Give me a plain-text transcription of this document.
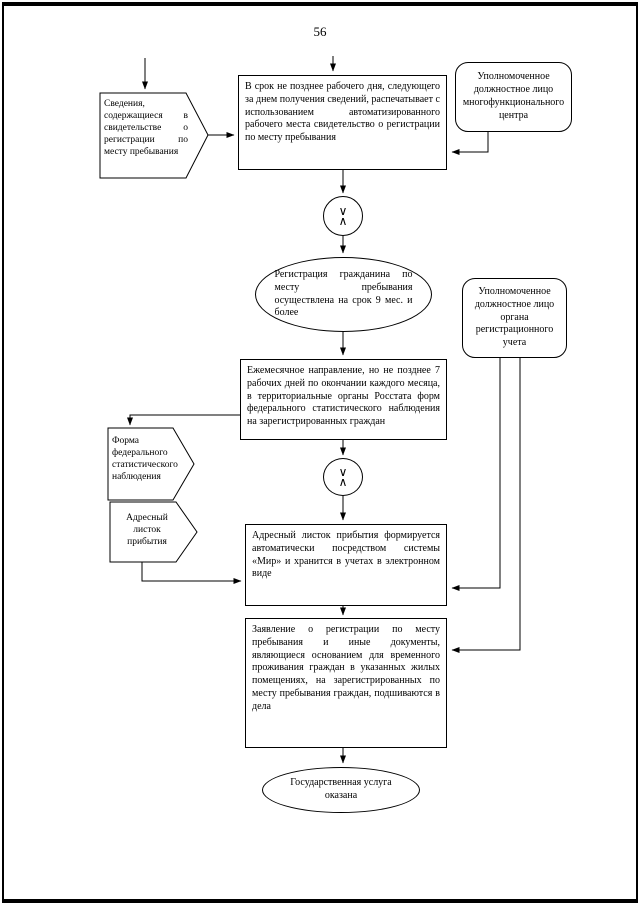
56
Сведения, содержащиеся в свидетельстве о регистрации по месту пребывания
Форма федерального статистического наблюдения
Адресный листок прибытия
В срок не позднее рабочего дня, следующего за днем получения сведений, распечатывает с использованием автоматизированного рабочего места свидетельство о регистрации по месту пребывания
Ежемесячное направление, но не позднее 7 рабочих дней по окончании каждого месяца, в территориальные органы Росстата форм федерального статистического наблюдения на зарегистрированных граждан
Адресный листок прибытия формируется автоматически посредством системы «Мир» и хранится в учетах в электронном виде
Заявление о регистрации по месту пребывания и иные документы, являющиеся основанием для временного проживания граждан в указанных жилых помещениях, на зарегистрированных по месту пребывания граждан, подшиваются в дела
Уполномоченное должностное лицо многофункционального центра
Уполномоченное должностное лицо органа регистрационного учета
∨
∧
∨
∧
Регистрация гражданина по месту пребывания осуществлена на срок 9 мес. и более
Государственная услуга оказана
